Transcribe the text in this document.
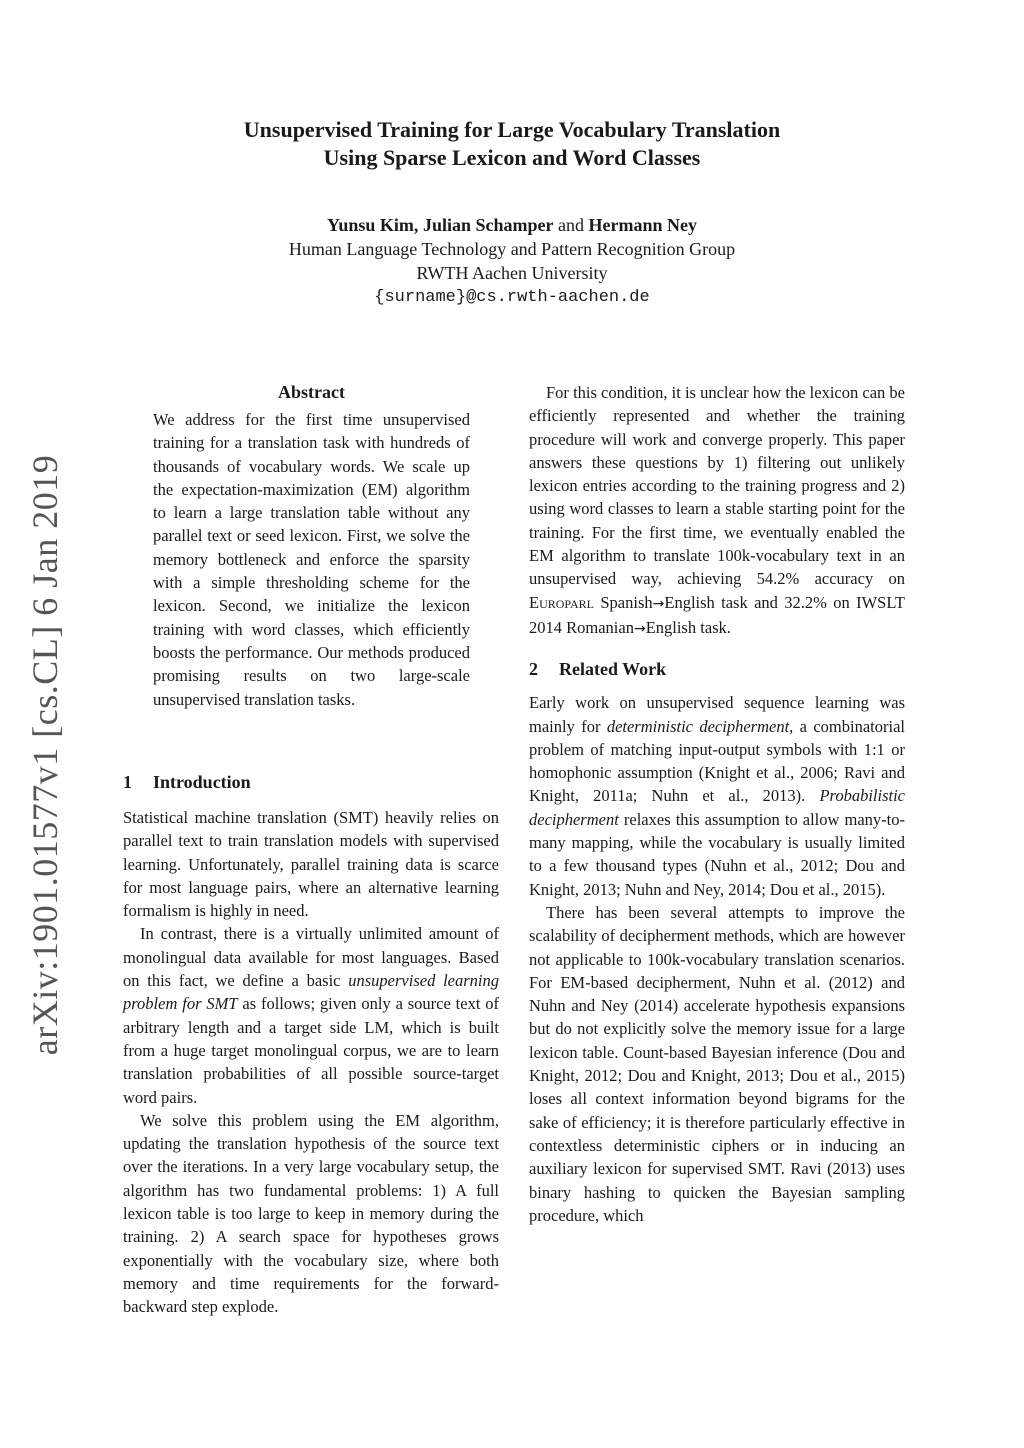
arXiv:1901.01577v1 [cs.CL] 6 Jan 2019
Unsupervised Training for Large Vocabulary Translation
Using Sparse Lexicon and Word Classes
Yunsu Kim, Julian Schamper and Hermann Ney
Human Language Technology and Pattern Recognition Group
RWTH Aachen University
{surname}@cs.rwth-aachen.de
Abstract

We address for the first time unsupervised training for a translation task with hundreds of thousands of vocabulary words. We scale up the expectation-maximization (EM) algorithm to learn a large translation table without any parallel text or seed lexicon. First, we solve the memory bottleneck and enforce the sparsity with a simple thresholding scheme for the lexicon. Second, we initialize the lexicon training with word classes, which efficiently boosts the performance. Our methods produced promising results on two large-scale unsupervised translation tasks.

1 Introduction

Statistical machine translation (SMT) heavily relies on parallel text to train translation models with supervised learning. Unfortunately, parallel training data is scarce for most language pairs, where an alternative learning formalism is highly in need.

In contrast, there is a virtually unlimited amount of monolingual data available for most languages. Based on this fact, we define a basic unsupervised learning problem for SMT as follows; given only a source text of arbitrary length and a target side LM, which is built from a huge target monolingual corpus, we are to learn translation probabilities of all possible source-target word pairs.

We solve this problem using the EM algorithm, updating the translation hypothesis of the source text over the iterations. In a very large vocabulary setup, the algorithm has two fundamental problems: 1) A full lexicon table is too large to keep in memory during the training. 2) A search space for hypotheses grows exponentially with the vocabulary size, where both memory and time requirements for the forward-backward step explode.

For this condition, it is unclear how the lexicon can be efficiently represented and whether the training procedure will work and converge properly. This paper answers these questions by 1) filtering out unlikely lexicon entries according to the training progress and 2) using word classes to learn a stable starting point for the training. For the first time, we eventually enabled the EM algorithm to translate 100k-vocabulary text in an unsupervised way, achieving 54.2% accuracy on Europarl Spanish→English task and 32.2% on IWSLT 2014 Romanian→English task.

2 Related Work

Early work on unsupervised sequence learning was mainly for deterministic decipherment, a combinatorial problem of matching input-output symbols with 1:1 or homophonic assumption (Knight et al., 2006; Ravi and Knight, 2011a; Nuhn et al., 2013). Probabilistic decipherment relaxes this assumption to allow many-to-many mapping, while the vocabulary is usually limited to a few thousand types (Nuhn et al., 2012; Dou and Knight, 2013; Nuhn and Ney, 2014; Dou et al., 2015).

There has been several attempts to improve the scalability of decipherment methods, which are however not applicable to 100k-vocabulary translation scenarios. For EM-based decipherment, Nuhn et al. (2012) and Nuhn and Ney (2014) accelerate hypothesis expansions but do not explicitly solve the memory issue for a large lexicon table. Count-based Bayesian inference (Dou and Knight, 2012; Dou and Knight, 2013; Dou et al., 2015) loses all context information beyond bigrams for the sake of efficiency; it is therefore particularly effective in contextless deterministic ciphers or in inducing an auxiliary lexicon for supervised SMT. Ravi (2013) uses binary hashing to quicken the Bayesian sampling procedure, which
